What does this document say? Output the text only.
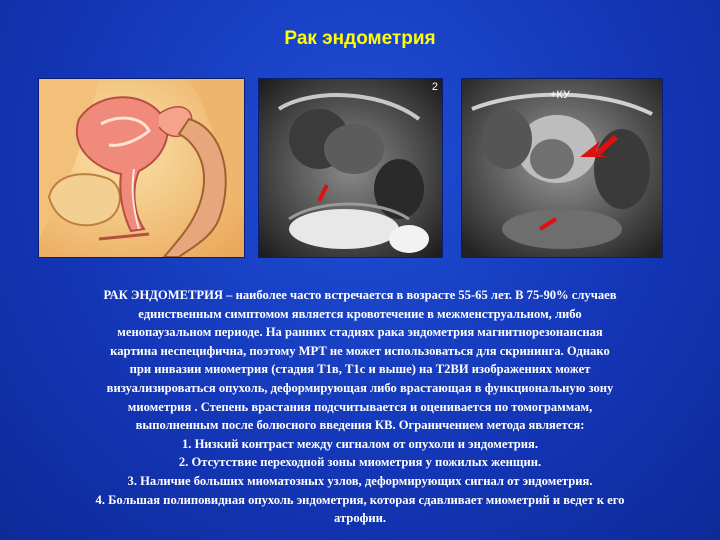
Рак эндометрия
2
+КУ

РАК ЭНДОМЕТРИЯ – наиболее часто встречается в возрасте 55-65 лет. В 75-90% случаев

единственным симптомом является кровотечение в межменструальном, либо

менопаузальном периоде. На ранних стадиях рака эндометрия магнитнорезонансная

картина неспецифична, поэтому МРТ не может использоваться для скрининга. Однако

при инвазии миометрия (стадия T1в, T1c и выше) на T2ВИ изображениях может

визуализироваться опухоль, деформирующая либо врастающая в функциональную зону

миометрия . Степень врастания подсчитывается и оценивается по томограммам,

выполненным после болюсного введения КВ. Ограничением метода является:

1. Низкий контраст между сигналом от опухоли и эндометрия.

2. Отсутствие переходной зоны миометрия у пожилых женщин.

3. Наличие больших миоматозных узлов, деформирующих сигнал от эндометрия.

4. Большая полиповидная опухоль эндометрия, которая сдавливает миометрий и ведет к его

атрофии.
